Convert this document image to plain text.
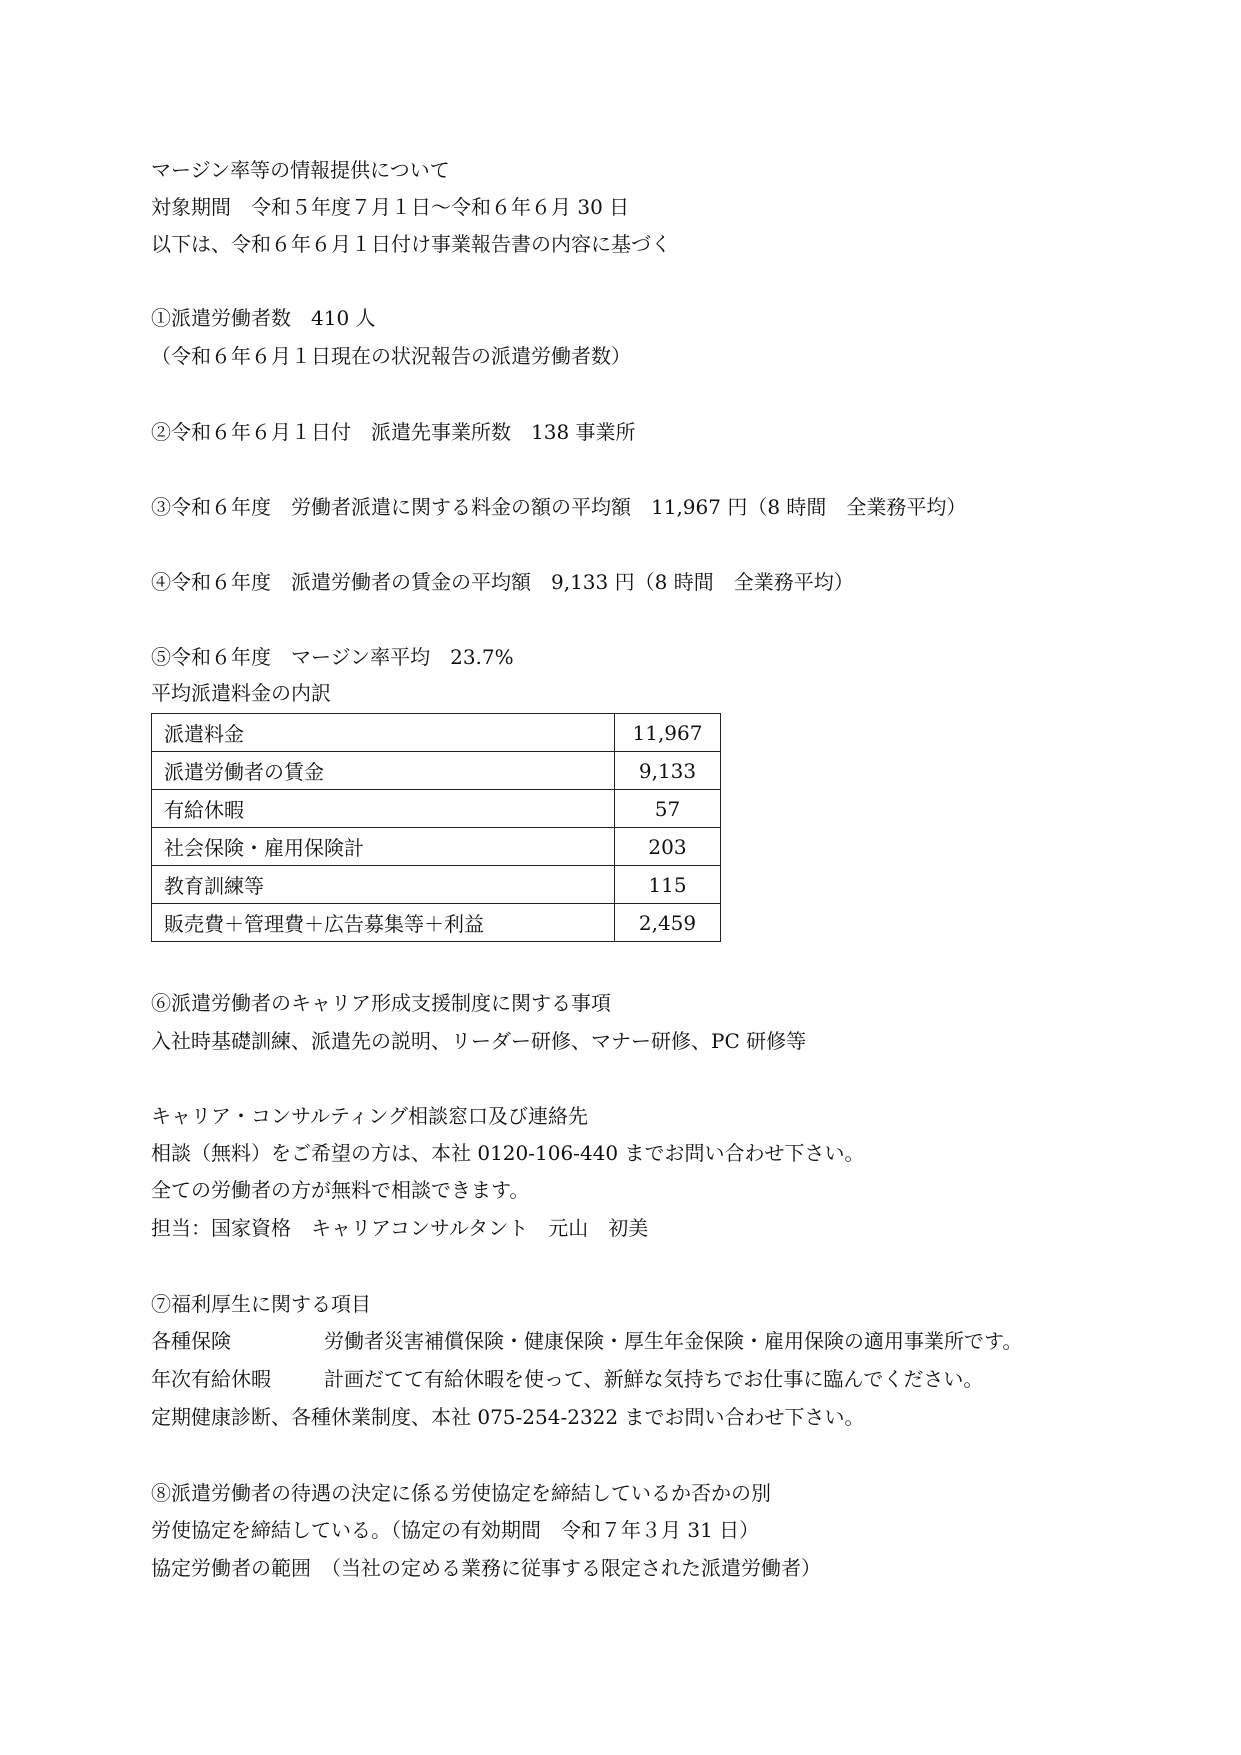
マージン率等の情報提供について
対象期間　令和５年度７月１日～令和６年６月 30 日
以下は、令和６年６月１日付け事業報告書の内容に基づく
①派遣労働者数　410 人
（令和６年６月１日現在の状況報告の派遣労働者数）
②令和６年６月１日付　派遣先事業所数　138 事業所
③令和６年度　労働者派遣に関する料金の額の平均額　11,967 円（8 時間　全業務平均）
④令和６年度　派遣労働者の賃金の平均額　9,133 円（8 時間　全業務平均）
⑤令和６年度　マージン率平均　23.7%
平均派遣料金の内訳
派遣料金	11,967
派遣労働者の賃金	9,133
有給休暇	57
社会保険・雇用保険計	203
教育訓練等	115
販売費＋管理費＋広告募集等＋利益	2,459
⑥派遣労働者のキャリア形成支援制度に関する事項
入社時基礎訓練、派遣先の説明、リーダー研修、マナー研修、PC 研修等
キャリア・コンサルティング相談窓口及び連絡先
相談（無料）をご希望の方は、本社 0120-106-440 までお問い合わせ下さい。
全ての労働者の方が無料で相談できます。
担当：国家資格　キャリアコンサルタント　元山　初美
⑦福利厚生に関する項目
各種保険	労働者災害補償保険・健康保険・厚生年金保険・雇用保険の適用事業所です。
年次有給休暇	計画だてて有給休暇を使って、新鮮な気持ちでお仕事に臨んでください。
定期健康診断、各種休業制度、本社 075-254-2322 までお問い合わせ下さい。
⑧派遣労働者の待遇の決定に係る労使協定を締結しているか否かの別
労使協定を締結している。（協定の有効期間　令和７年３月 31 日）
協定労働者の範囲　（当社の定める業務に従事する限定された派遣労働者）
